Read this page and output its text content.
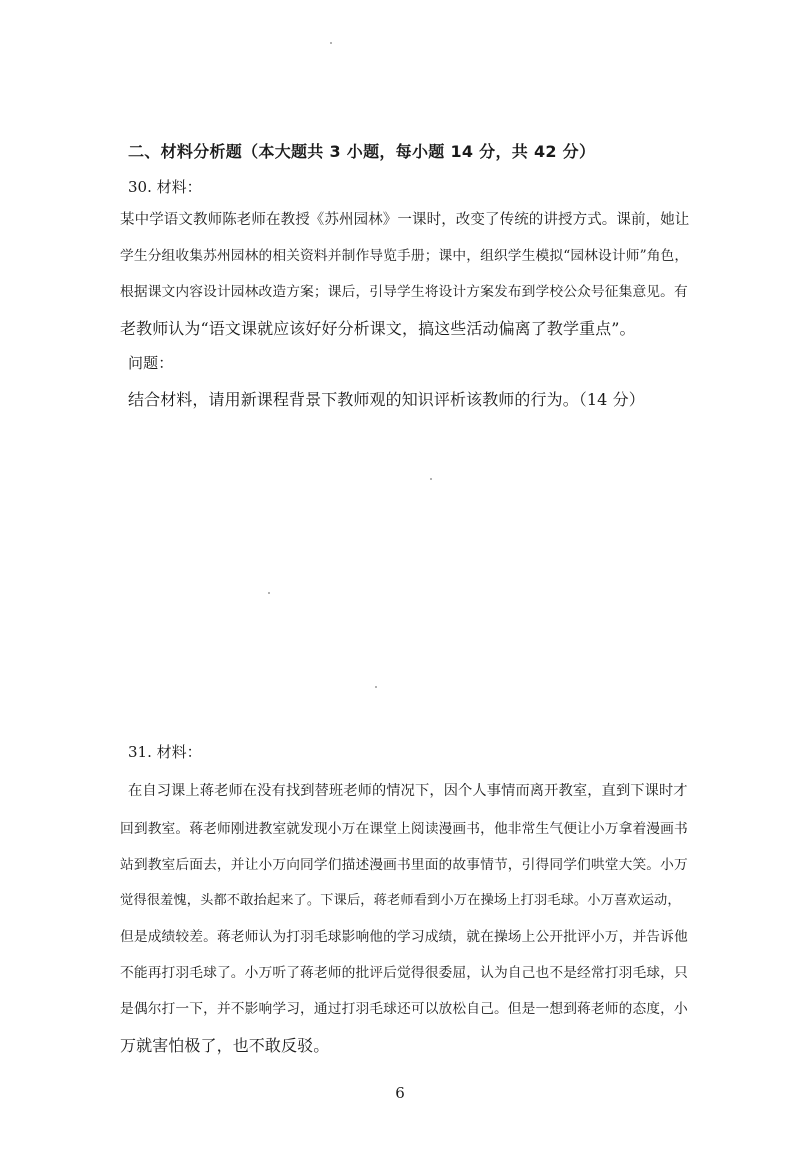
二、材料分析题（本大题共 3 小题，每小题 14 分，共 42 分）
30. 材料：
某中学语文教师陈老师在教授《苏州园林》一课时，改变了传统的讲授方式。课前，她让
学生分组收集苏州园林的相关资料并制作导览手册；课中，组织学生模拟“园林设计师”角色，
根据课文内容设计园林改造方案；课后，引导学生将设计方案发布到学校公众号征集意见。有
老教师认为“语文课就应该好好分析课文，搞这些活动偏离了教学重点”。
问题：
结合材料，请用新课程背景下教师观的知识评析该教师的行为。（14 分）
31. 材料：
在自习课上蒋老师在没有找到替班老师的情况下，因个人事情而离开教室，直到下课时才
回到教室。蒋老师刚进教室就发现小万在课堂上阅读漫画书，他非常生气便让小万拿着漫画书
站到教室后面去，并让小万向同学们描述漫画书里面的故事情节，引得同学们哄堂大笑。小万
觉得很羞愧，头都不敢抬起来了。下课后，蒋老师看到小万在操场上打羽毛球。小万喜欢运动，
但是成绩较差。蒋老师认为打羽毛球影响他的学习成绩，就在操场上公开批评小万，并告诉他
不能再打羽毛球了。小万听了蒋老师的批评后觉得很委屈，认为自己也不是经常打羽毛球，只
是偶尔打一下，并不影响学习，通过打羽毛球还可以放松自己。但是一想到蒋老师的态度，小
万就害怕极了，也不敢反驳。
6
